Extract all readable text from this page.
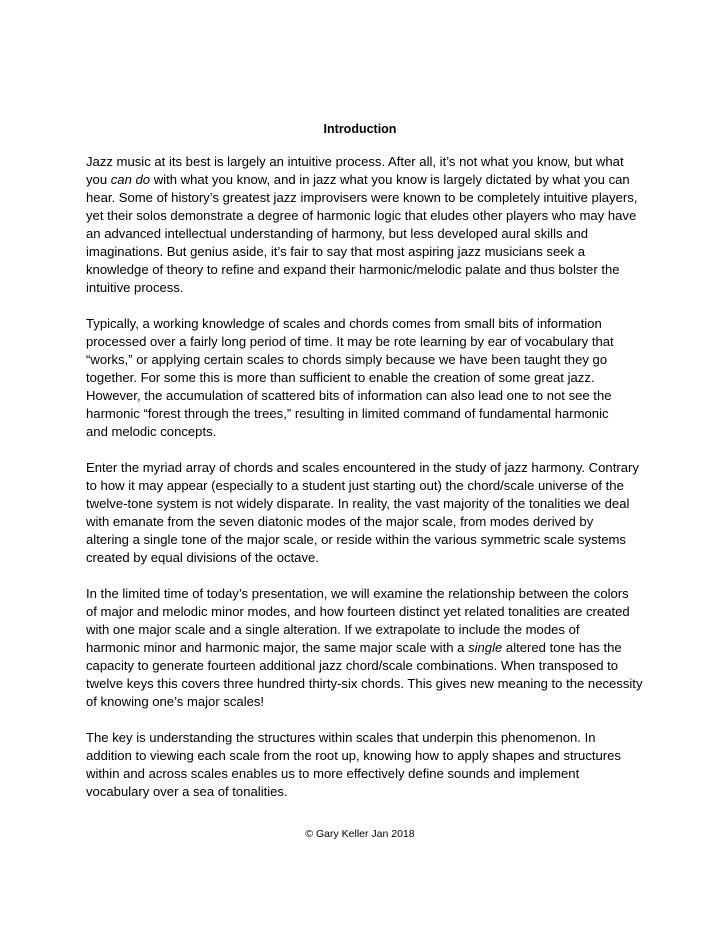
Introduction

Jazz music at its best is largely an intuitive process. After all, it’s not what you know, but what
you can do with what you know, and in jazz what you know is largely dictated by what you can
hear. Some of history’s greatest jazz improvisers were known to be completely intuitive players,
yet their solos demonstrate a degree of harmonic logic that eludes other players who may have
an advanced intellectual understanding of harmony, but less developed aural skills and
imaginations. But genius aside, it’s fair to say that most aspiring jazz musicians seek a
knowledge of theory to refine and expand their harmonic/melodic palate and thus bolster the
intuitive process.

Typically, a working knowledge of scales and chords comes from small bits of information
processed over a fairly long period of time. It may be rote learning by ear of vocabulary that
“works,” or applying certain scales to chords simply because we have been taught they go
together. For some this is more than sufficient to enable the creation of some great jazz.
However, the accumulation of scattered bits of information can also lead one to not see the
harmonic “forest through the trees,” resulting in limited command of fundamental harmonic
and melodic concepts.

Enter the myriad array of chords and scales encountered in the study of jazz harmony. Contrary
to how it may appear (especially to a student just starting out) the chord/scale universe of the
twelve-tone system is not widely disparate. In reality, the vast majority of the tonalities we deal
with emanate from the seven diatonic modes of the major scale, from modes derived by
altering a single tone of the major scale, or reside within the various symmetric scale systems
created by equal divisions of the octave.

In the limited time of today’s presentation, we will examine the relationship between the colors
of major and melodic minor modes, and how fourteen distinct yet related tonalities are created
with one major scale and a single alteration. If we extrapolate to include the modes of
harmonic minor and harmonic major, the same major scale with a single altered tone has the
capacity to generate fourteen additional jazz chord/scale combinations. When transposed to
twelve keys this covers three hundred thirty-six chords. This gives new meaning to the necessity
of knowing one’s major scales!

The key is understanding the structures within scales that underpin this phenomenon. In
addition to viewing each scale from the root up, knowing how to apply shapes and structures
within and across scales enables us to more effectively define sounds and implement
vocabulary over a sea of tonalities.

© Gary Keller Jan 2018
